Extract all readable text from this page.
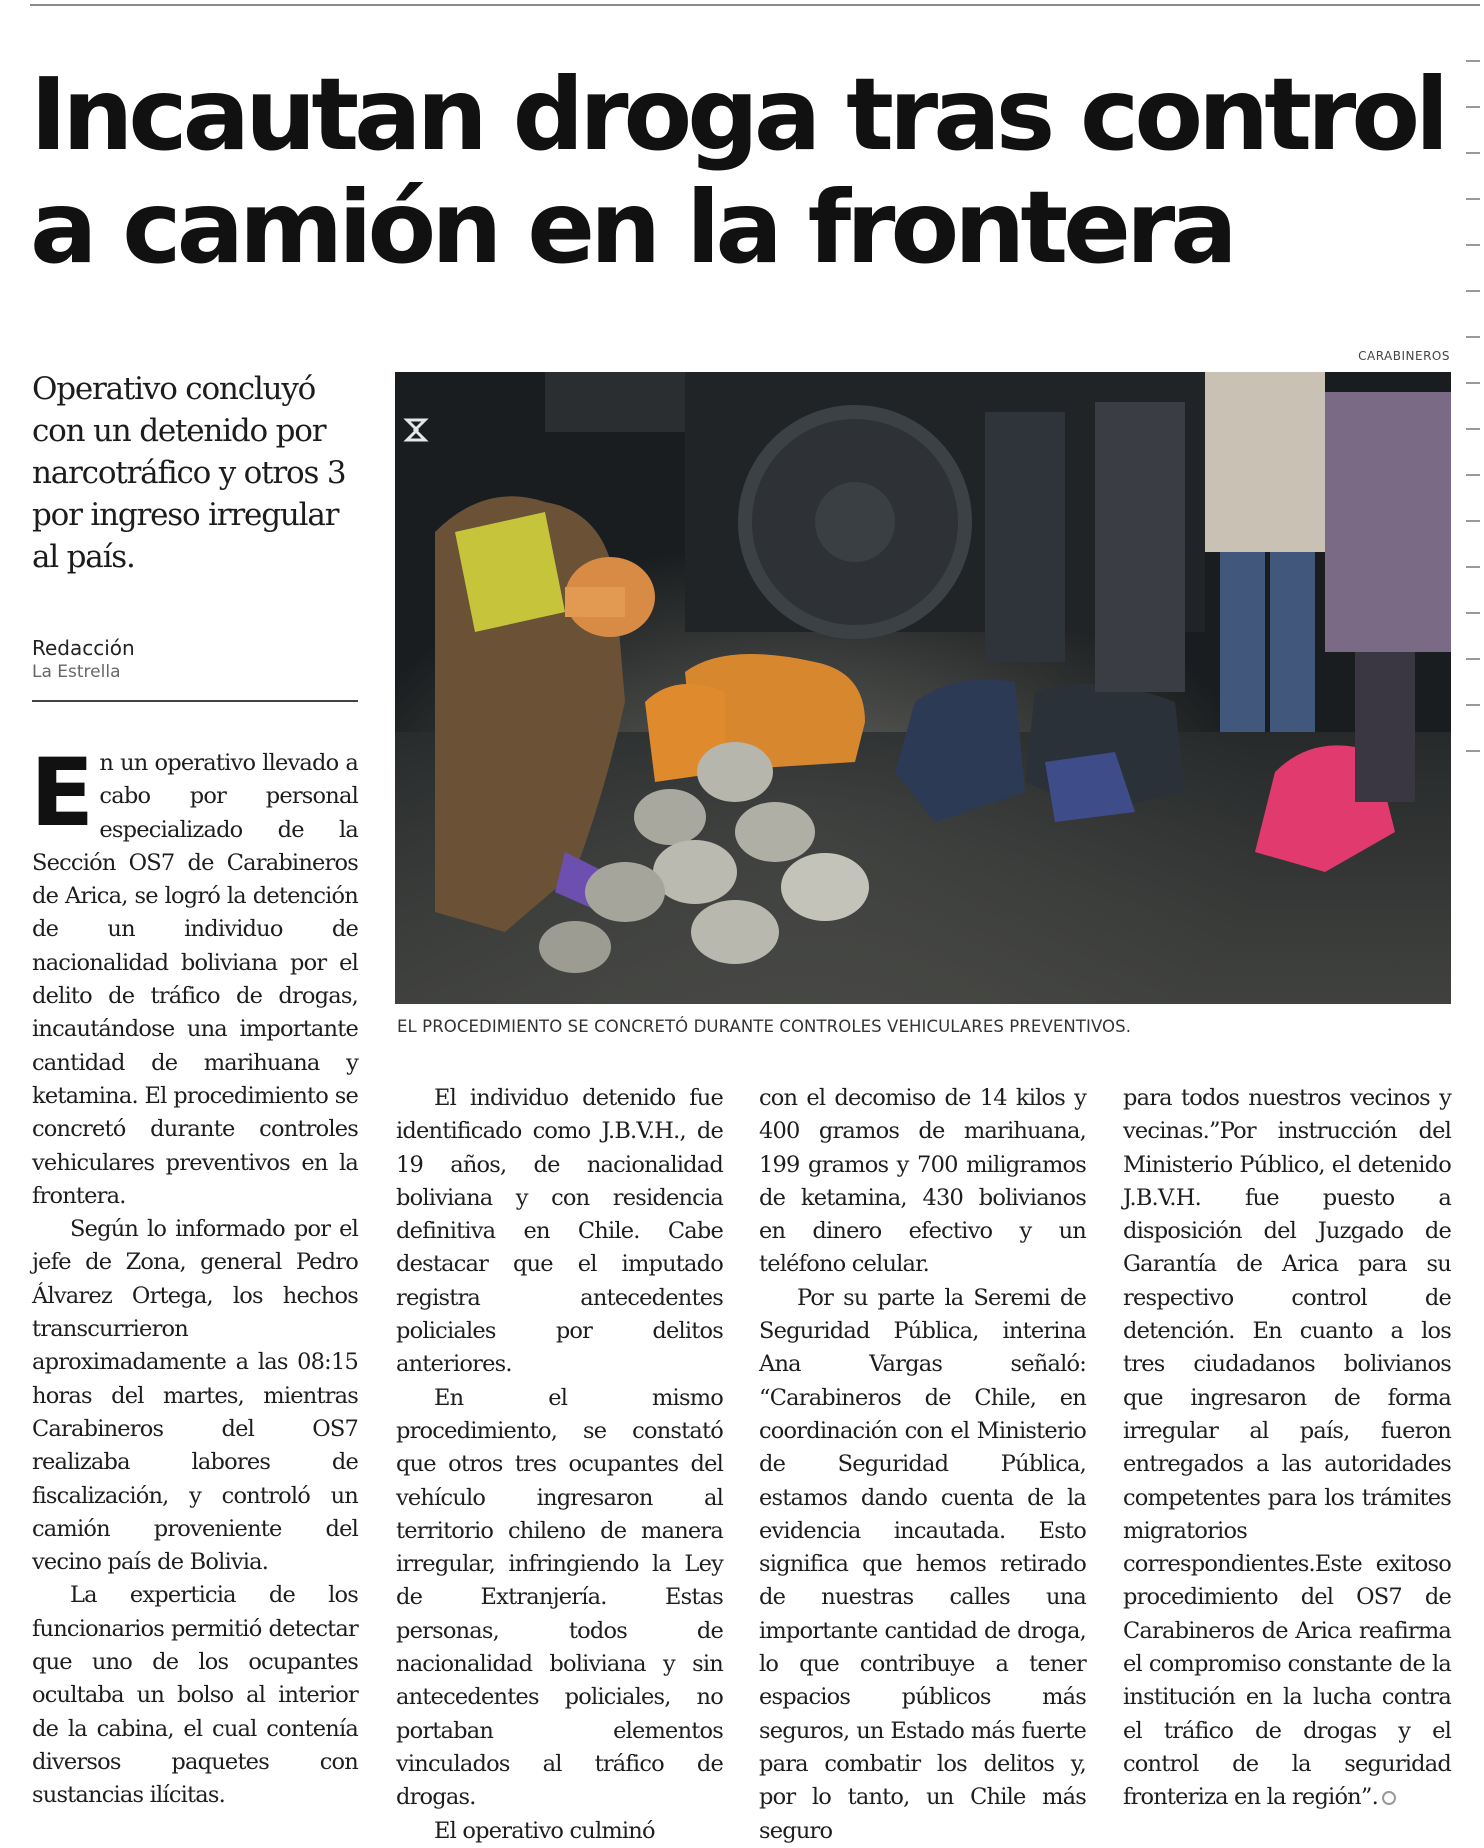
Incautan droga tras control a camión en la frontera
Operativo concluyó con un detenido por narcotráfico y otros 3 por ingreso irregular al país.
Redacción
La Estrella
CARABINEROS
EL PROCEDIMIENTO SE CONCRETÓ DURANTE CONTROLES VEHICULARES PREVENTIVOS.

En un operativo llevado a cabo por personal especializado de la Sección OS7 de Carabineros de Arica, se logró la detención de un individuo de nacionalidad boliviana por el delito de tráfico de drogas, incautándose una importante cantidad de marihuana y ketamina. El procedimiento se concretó durante controles vehiculares preventivos en la frontera.

Según lo informado por el jefe de Zona, general Pedro Álvarez Ortega, los hechos transcurrieron aproximadamente a las 08:15 horas del martes, mientras Carabineros del OS7 realizaba labores de fiscalización, y controló un camión proveniente del vecino país de Bolivia.

La experticia de los funcionarios permitió detectar que uno de los ocupantes ocultaba un bolso al interior de la cabina, el cual contenía diversos paquetes con sustancias ilícitas.

El individuo detenido fue identificado como J.B.V.H., de 19 años, de nacionalidad boliviana y con residencia definitiva en Chile. Cabe destacar que el imputado registra antecedentes policiales por delitos anteriores.

En el mismo procedimiento, se constató que otros tres ocupantes del vehículo ingresaron al territorio chileno de manera irregular, infringiendo la Ley de Extranjería. Estas personas, todos de nacionalidad boliviana y sin antecedentes policiales, no portaban elementos vinculados al tráfico de drogas.

El operativo culminó

con el decomiso de 14 kilos y 400 gramos de marihuana, 199 gramos y 700 miligramos de ketamina, 430 bolivianos en dinero efectivo y un teléfono celular.

Por su parte la Seremi de Seguridad Pública, interina Ana Vargas señaló: “Carabineros de Chile, en coordinación con el Ministerio de Seguridad Pública, estamos dando cuenta de la evidencia incautada. Esto significa que hemos retirado de nuestras calles una importante cantidad de droga, lo que contribuye a tener espacios públicos más seguros, un Estado más fuerte para combatir los delitos y, por lo tanto, un Chile más seguro

para todos nuestros vecinos y vecinas.”Por instrucción del Ministerio Público, el detenido J.B.V.H. fue puesto a disposición del Juzgado de Garantía de Arica para su respectivo control de detención. En cuanto a los tres ciudadanos bolivianos que ingresaron de forma irregular al país, fueron entregados a las autoridades competentes para los trámites migratorios correspondientes.Este exitoso procedimiento del OS7 de Carabineros de Arica reafirma el compromiso constante de la institución en la lucha contra el tráfico de drogas y el control de la seguridad fronteriza en la región”.
